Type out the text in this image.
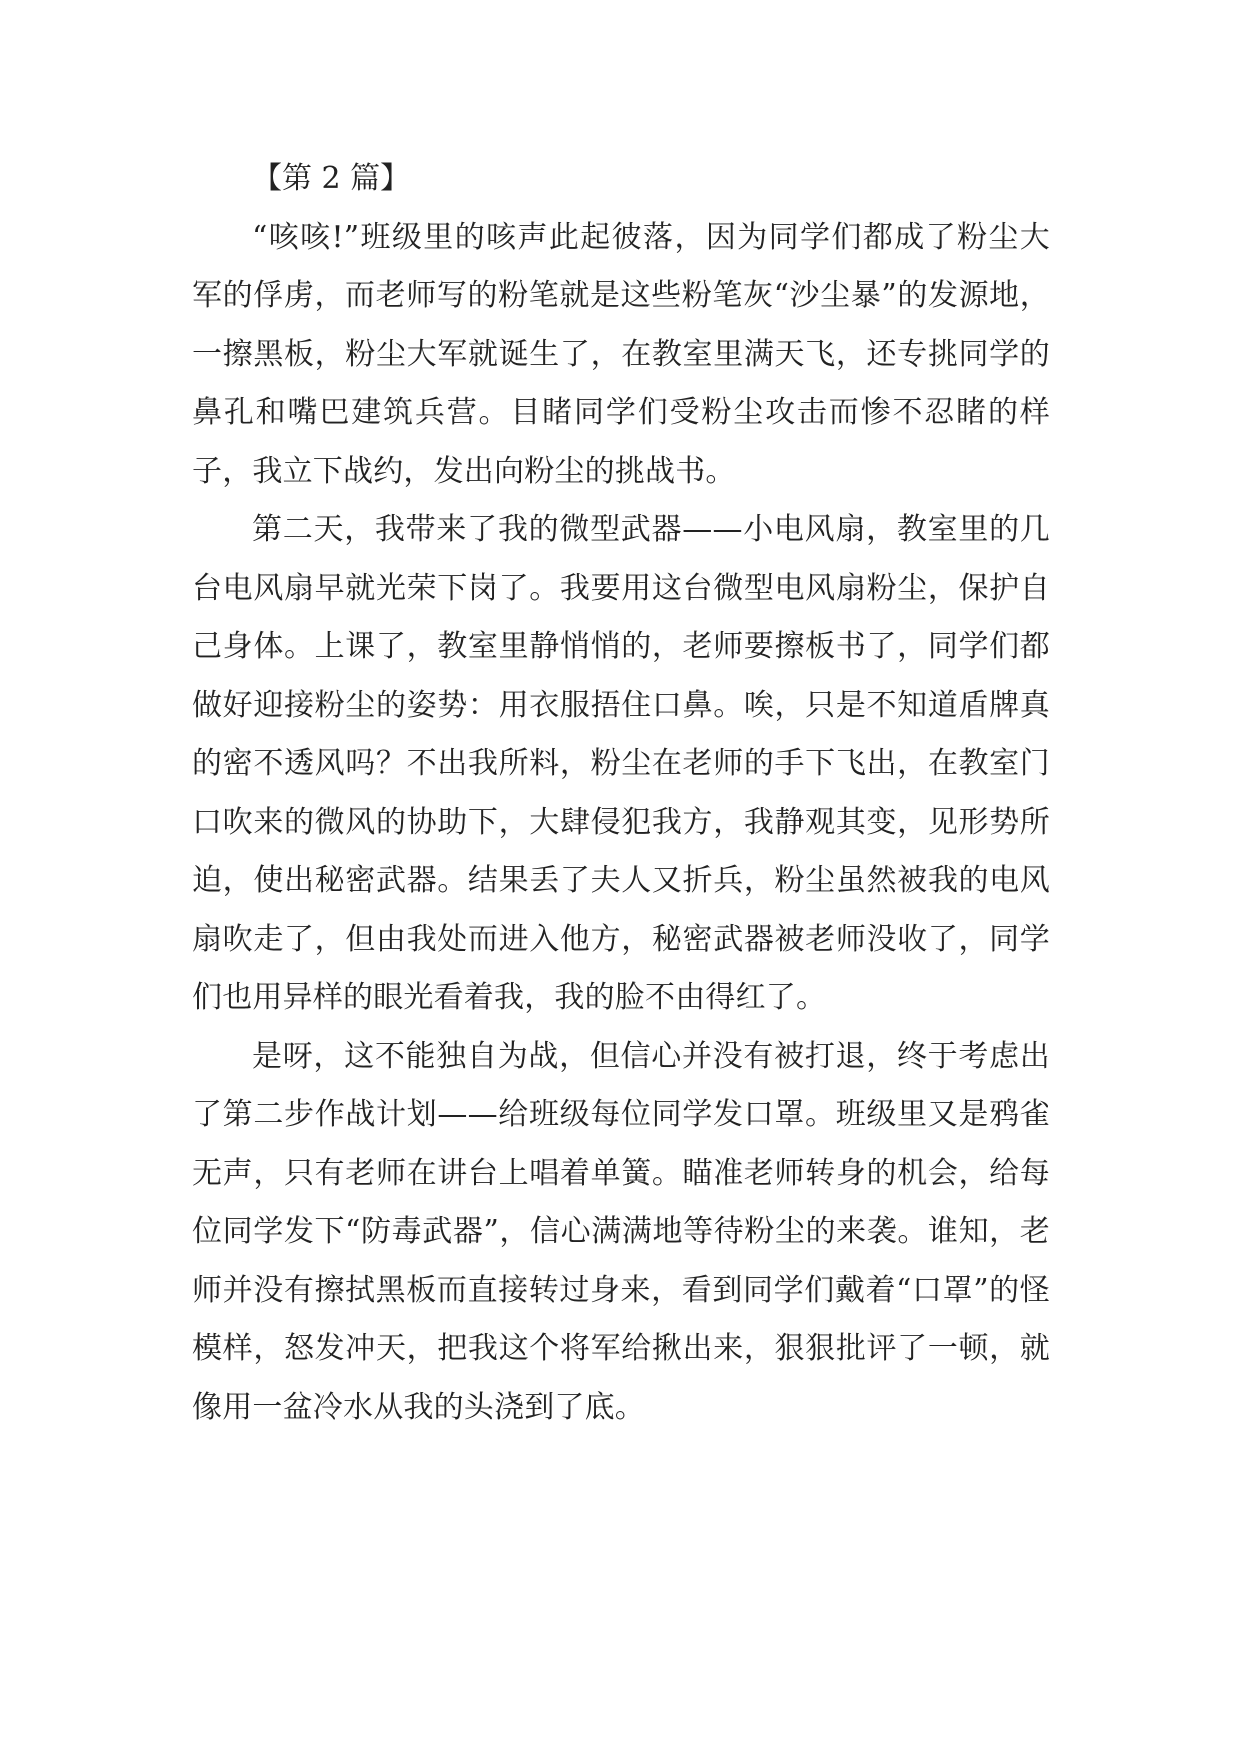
【第 2 篇】

“咳咳!”班级里的咳声此起彼落，因为同学们都成了粉尘大军的俘虏，而老师写的粉笔就是这些粉笔灰“沙尘暴”的发源地，一擦黑板，粉尘大军就诞生了，在教室里满天飞，还专挑同学的鼻孔和嘴巴建筑兵营。目睹同学们受粉尘攻击而惨不忍睹的样子，我立下战约，发出向粉尘的挑战书。

第二天，我带来了我的微型武器——小电风扇，教室里的几台电风扇早就光荣下岗了。我要用这台微型电风扇粉尘，保护自己身体。上课了，教室里静悄悄的，老师要擦板书了，同学们都做好迎接粉尘的姿势：用衣服捂住口鼻。唉，只是不知道盾牌真的密不透风吗？不出我所料，粉尘在老师的手下飞出，在教室门口吹来的微风的协助下，大肆侵犯我方，我静观其变，见形势所迫，使出秘密武器。结果丢了夫人又折兵，粉尘虽然被我的电风扇吹走了，但由我处而进入他方，秘密武器被老师没收了，同学们也用异样的眼光看着我，我的脸不由得红了。

是呀，这不能独自为战，但信心并没有被打退，终于考虑出了第二步作战计划——给班级每位同学发口罩。班级里又是鸦雀无声，只有老师在讲台上唱着单簧。瞄准老师转身的机会，给每位同学发下“防毒武器”，信心满满地等待粉尘的来袭。谁知，老师并没有擦拭黑板而直接转过身来，看到同学们戴着“口罩”的怪模样，怒发冲天，把我这个将军给揪出来，狠狠批评了一顿，就像用一盆冷水从我的头浇到了底。
